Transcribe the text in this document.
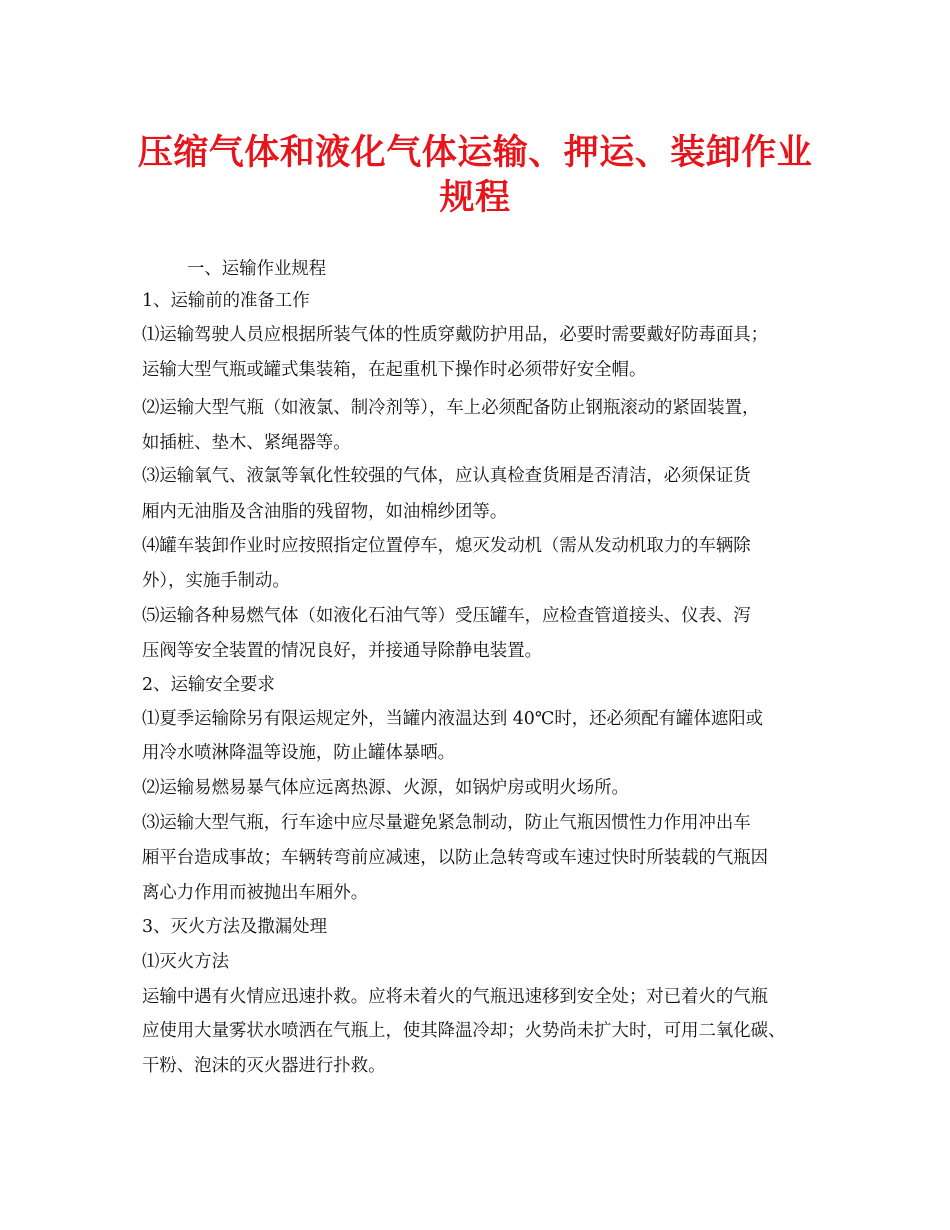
压缩气体和液化气体运输、押运、装卸作业
规程
一、运输作业规程
1、运输前的准备工作
⑴运输驾驶人员应根据所装气体的性质穿戴防护用品，必要时需要戴好防毒面具；
运输大型气瓶或罐式集装箱，在起重机下操作时必须带好安全帽。
⑵运输大型气瓶（如液氯、制冷剂等），车上必须配备防止钢瓶滚动的紧固装置，
如插桩、垫木、紧绳器等。
⑶运输氧气、液氯等氧化性较强的气体，应认真检查货厢是否清洁，必须保证货
厢内无油脂及含油脂的残留物，如油棉纱团等。
⑷罐车装卸作业时应按照指定位置停车，熄灭发动机（需从发动机取力的车辆除
外），实施手制动。
⑸运输各种易燃气体（如液化石油气等）受压罐车，应检查管道接头、仪表、泻
压阀等安全装置的情况良好，并接通导除静电装置。
2、运输安全要求
⑴夏季运输除另有限运规定外，当罐内液温达到 40℃时，还必须配有罐体遮阳或
用冷水喷淋降温等设施，防止罐体暴晒。
⑵运输易燃易暴气体应远离热源、火源，如锅炉房或明火场所。
⑶运输大型气瓶，行车途中应尽量避免紧急制动，防止气瓶因惯性力作用冲出车
厢平台造成事故；车辆转弯前应减速，以防止急转弯或车速过快时所装载的气瓶因
离心力作用而被抛出车厢外。
3、灭火方法及撒漏处理
⑴灭火方法
运输中遇有火情应迅速扑救。应将未着火的气瓶迅速移到安全处；对已着火的气瓶
应使用大量雾状水喷洒在气瓶上，使其降温冷却；火势尚未扩大时，可用二氧化碳、
干粉、泡沫的灭火器进行扑救。
